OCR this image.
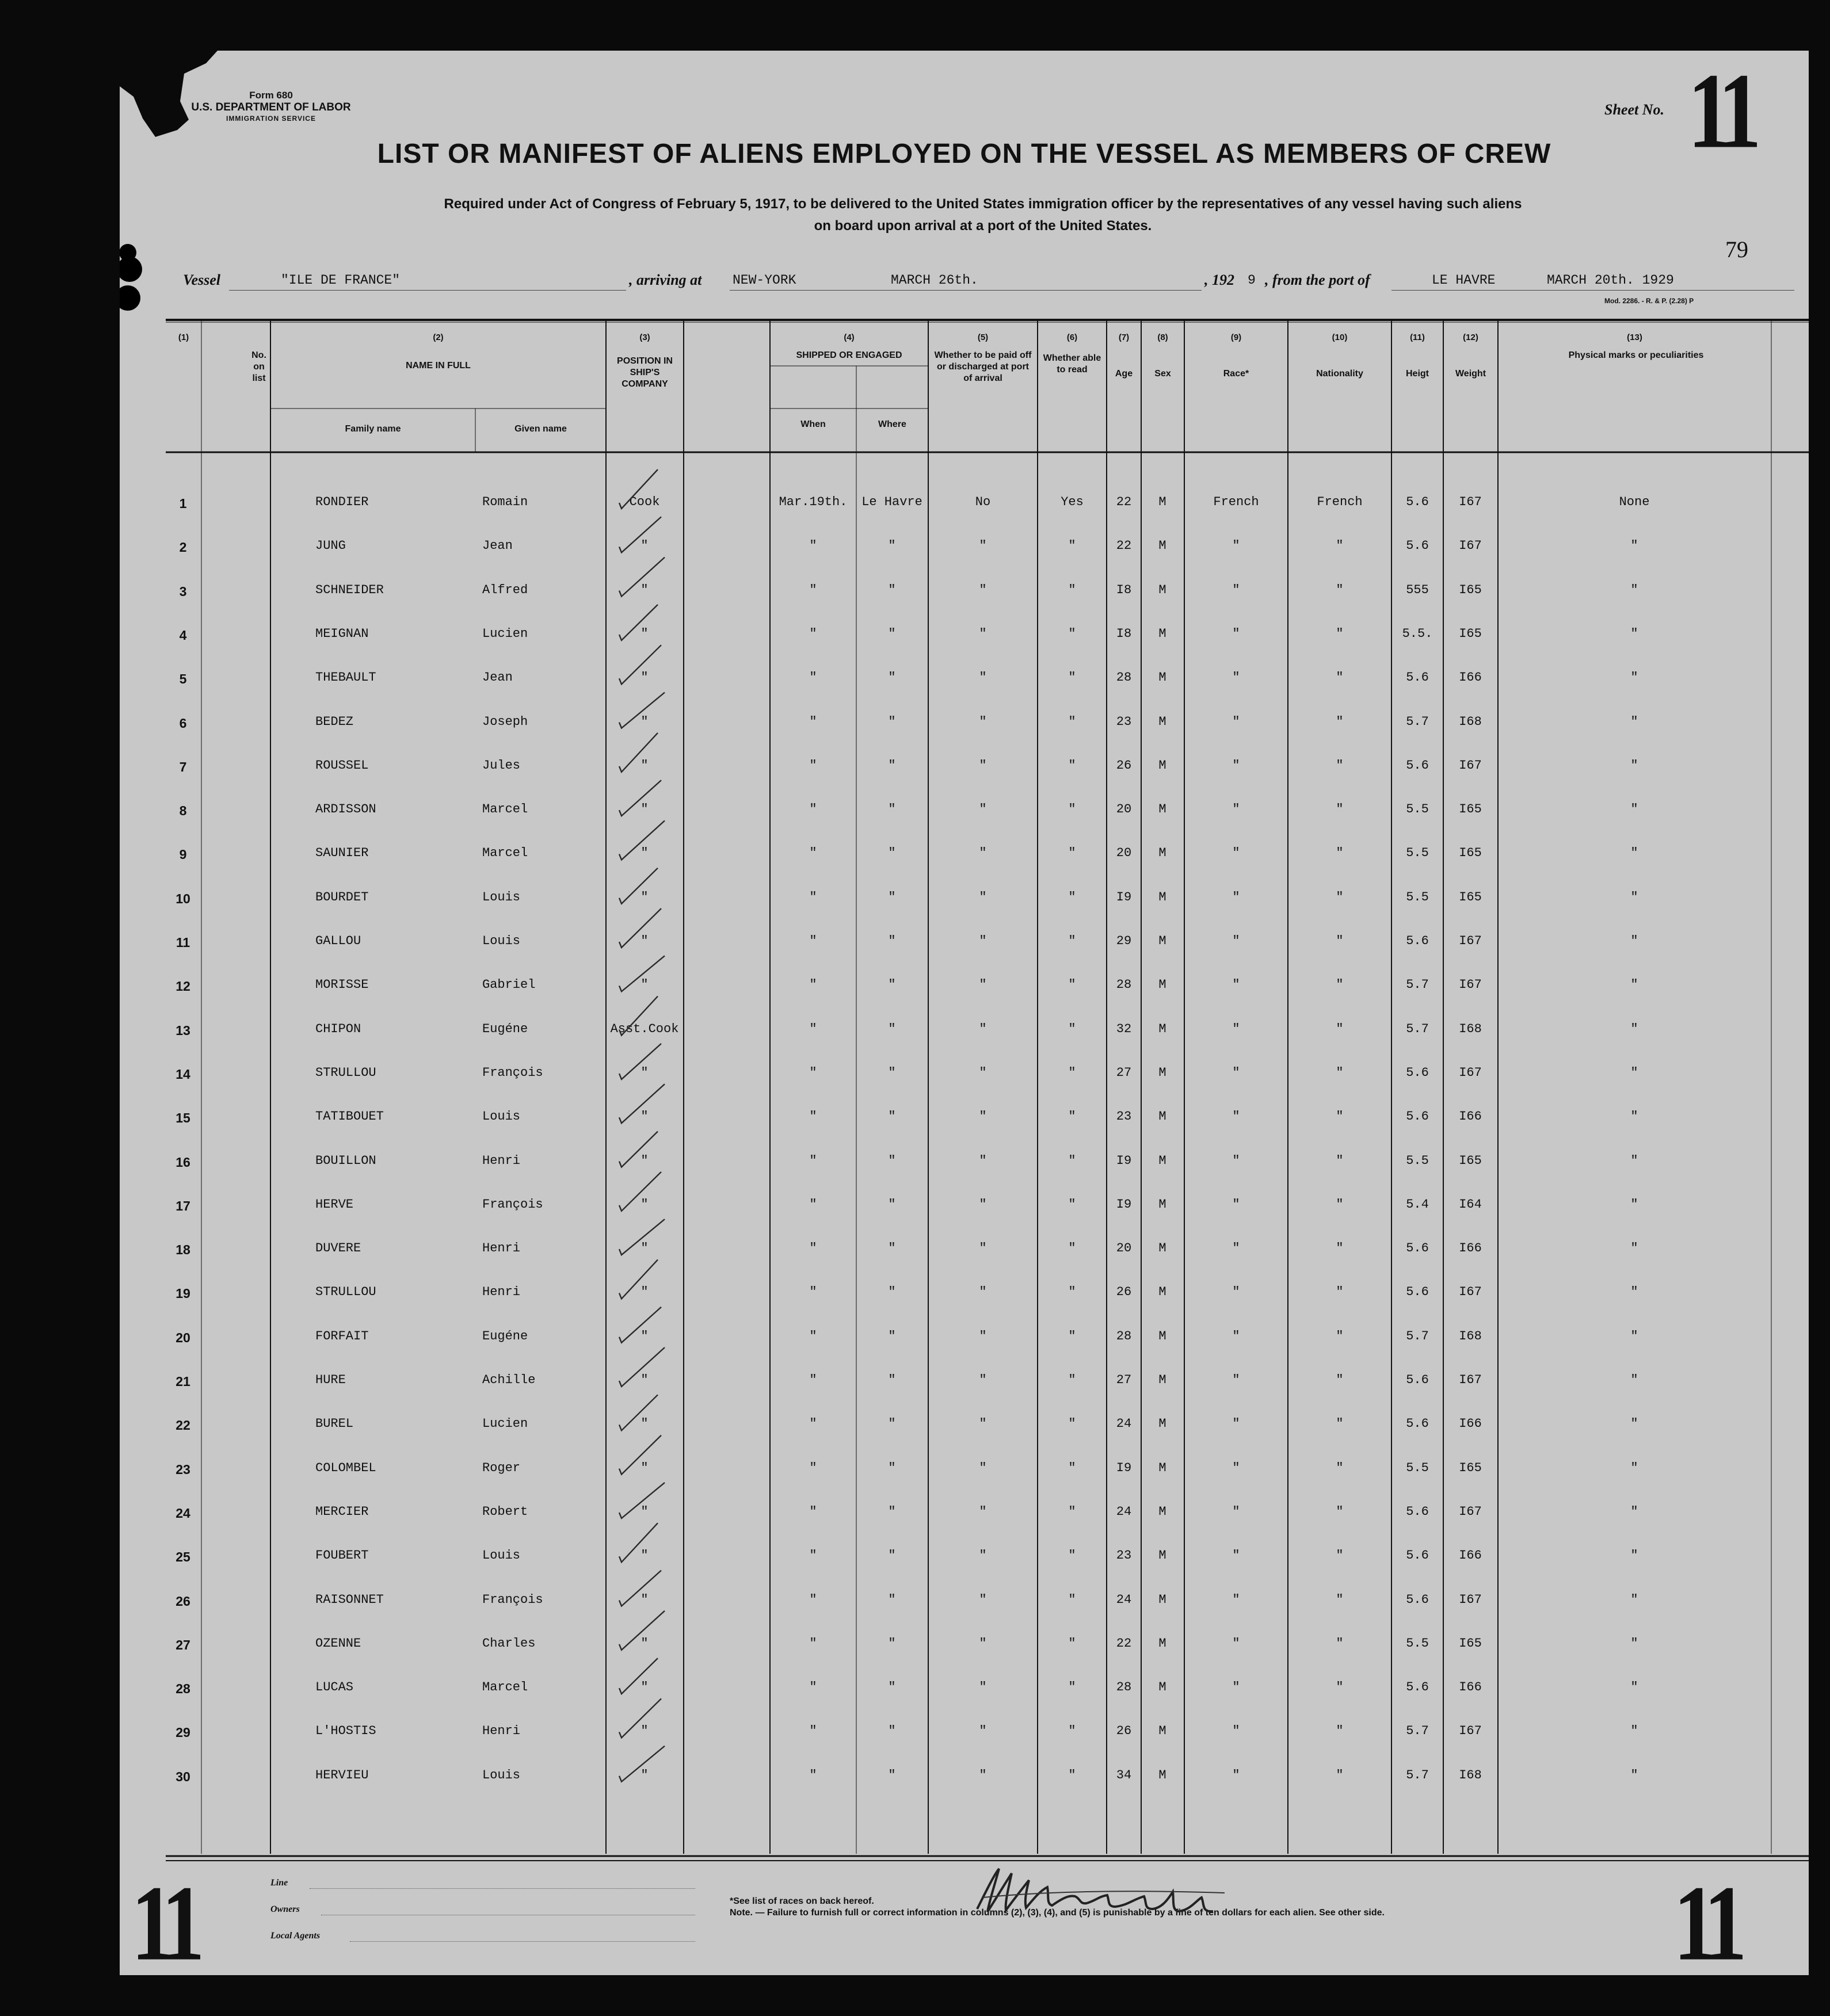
Form 680
U.S. DEPARTMENT OF LABOR
IMMIGRATION SERVICE
Sheet No. 11
LIST OR MANIFEST OF ALIENS EMPLOYED ON THE VESSEL AS MEMBERS OF CREW
Required under Act of Congress of February 5, 1917, to be delivered to the United States immigration officer by the representatives of any vessel having such aliens
on board upon arrival at a port of the United States.
79
Vessel	"ILE DE FRANCE"	, arriving at NEW-YORK	MARCH 26th.	, 192 9 , from the port of	LE HAVRE	MARCH 20th. 1929
Mod. 2286. - R. & P. (2.28) P
(1)
No. on list
(2)
NAME IN FULL
Family name	Given name
(3)
POSITION IN SHIP'S COMPANY
(4)
SHIPPED OR ENGAGED
When	Where
(5)
Whether to be paid off or discharged at port of arrival
(6)
Whether able to read
(7)
Age
(8)
Sex
(9)
Race*
(10)
Nationality
(11)
Heigt
(12)
Weight
(13)
Physical marks or peculiarities
1	RONDIER	Romain	Cook	Mar.19th.	Le Havre	No	Yes	22	M	French	French	5.6	I67	None
2	JUNG	Jean	"	"	"	"	"	22	M	"	"	5.6	I67	"
3	SCHNEIDER	Alfred	"	"	"	"	"	I8	M	"	"	555	I65	"
4	MEIGNAN	Lucien	"	"	"	"	"	I8	M	"	"	5.5.	I65	"
5	THEBAULT	Jean	"	"	"	"	"	28	M	"	"	5.6	I66	"
6	BEDEZ	Joseph	"	"	"	"	"	23	M	"	"	5.7	I68	"
7	ROUSSEL	Jules	"	"	"	"	"	26	M	"	"	5.6	I67	"
8	ARDISSON	Marcel	"	"	"	"	"	20	M	"	"	5.5	I65	"
9	SAUNIER	Marcel	"	"	"	"	"	20	M	"	"	5.5	I65	"
10	BOURDET	Louis	"	"	"	"	"	I9	M	"	"	5.5	I65	"
11	GALLOU	Louis	"	"	"	"	"	29	M	"	"	5.6	I67	"
12	MORISSE	Gabriel	"	"	"	"	"	28	M	"	"	5.7	I67	"
13	CHIPON	Eugéne	Asst.Cook	"	"	"	"	32	M	"	"	5.7	I68	"
14	STRULLOU	François	"	"	"	"	"	27	M	"	"	5.6	I67	"
15	TATIBOUET	Louis	"	"	"	"	"	23	M	"	"	5.6	I66	"
16	BOUILLON	Henri	"	"	"	"	"	I9	M	"	"	5.5	I65	"
17	HERVE	François	"	"	"	"	"	I9	M	"	"	5.4	I64	"
18	DUVERE	Henri	"	"	"	"	"	20	M	"	"	5.6	I66	"
19	STRULLOU	Henri	"	"	"	"	"	26	M	"	"	5.6	I67	"
20	FORFAIT	Eugéne	"	"	"	"	"	28	M	"	"	5.7	I68	"
21	HURE	Achille	"	"	"	"	"	27	M	"	"	5.6	I67	"
22	BUREL	Lucien	"	"	"	"	"	24	M	"	"	5.6	I66	"
23	COLOMBEL	Roger	"	"	"	"	"	I9	M	"	"	5.5	I65	"
24	MERCIER	Robert	"	"	"	"	"	24	M	"	"	5.6	I67	"
25	FOUBERT	Louis	"	"	"	"	"	23	M	"	"	5.6	I66	"
26	RAISONNET	François	"	"	"	"	"	24	M	"	"	5.6	I67	"
27	OZENNE	Charles	"	"	"	"	"	22	M	"	"	5.5	I65	"
28	LUCAS	Marcel	"	"	"	"	"	28	M	"	"	5.6	I66	"
29	L'HOSTIS	Henri	"	"	"	"	"	26	M	"	"	5.7	I67	"
30	HERVIEU	Louis	"	"	"	"	"	34	M	"	"	5.7	I68	"
Line
Owners
Local Agents
*See list of races on back hereof.
Note. — Failure to furnish full or correct information in columns (2), (3), (4), and (5) is punishable by a fine of ten dollars for each alien. See other side.
11	11
